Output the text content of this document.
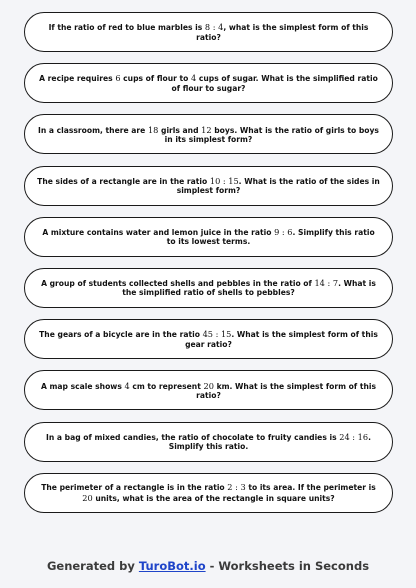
If the ratio of red to blue marbles is 8 : 4, what is the simplest form of this ratio?
A recipe requires 6 cups of flour to 4 cups of sugar. What is the simplified ratio of flour to sugar?
In a classroom, there are 18 girls and 12 boys. What is the ratio of girls to boys in its simplest form?
The sides of a rectangle are in the ratio 10 : 15. What is the ratio of the sides in simplest form?
A mixture contains water and lemon juice in the ratio 9 : 6. Simplify this ratio to its lowest terms.
A group of students collected shells and pebbles in the ratio of 14 : 7. What is the simplified ratio of shells to pebbles?
The gears of a bicycle are in the ratio 45 : 15. What is the simplest form of this gear ratio?
A map scale shows 4 cm to represent 20 km. What is the simplest form of this ratio?
In a bag of mixed candies, the ratio of chocolate to fruity candies is 24 : 16. Simplify this ratio.
The perimeter of a rectangle is in the ratio 2 : 3 to its area. If the perimeter is 20 units, what is the area of the rectangle in square units?
Generated by TuroBot.io - Worksheets in Seconds
